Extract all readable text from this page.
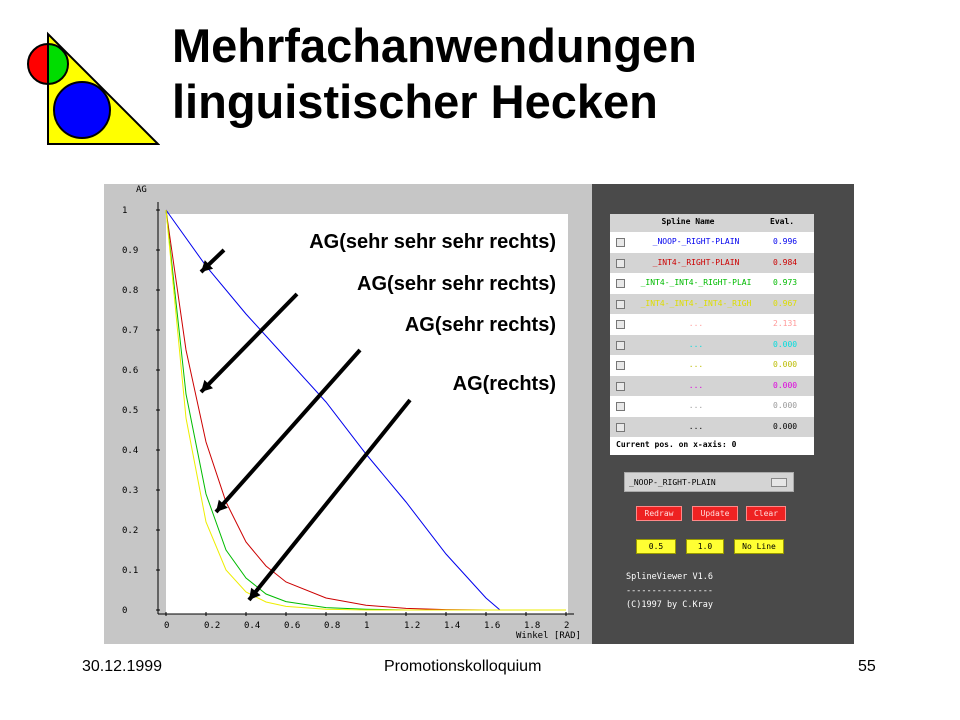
Mehrfachanwendungen
linguistischer Hecken
0
0.1
0.2
0.3
0.4
0.5
0.6
0.7
0.8
0.9
1
0	0.2	0.4	0.6	0.8	1	1.2	1.4	1.6	1.8	2
AG
Winkel [RAD]
AG(sehr sehr sehr rechts)
AG(sehr sehr rechts)
AG(sehr rechts)
AG(rechts)
Spline Name	Eval.
_NOOP-_RIGHT-PLAIN	0.996
_INT4-_RIGHT-PLAIN	0.984
_INT4-_INT4-_RIGHT-PLAI	0.973
_INT4-_INT4-_INT4-_RIGH	0.967
...	2.131
...	0.000
...	0.000
...	0.000
...	0.000
...	0.000
Current pos. on x-axis: 0
_NOOP-_RIGHT-PLAIN
Redraw	Update	Clear
0.5	1.0	No Line
SplineViewer V1.6
-----------------
(C)1997 by C.Kray
30.12.1999	Promotionskolloquium	55
